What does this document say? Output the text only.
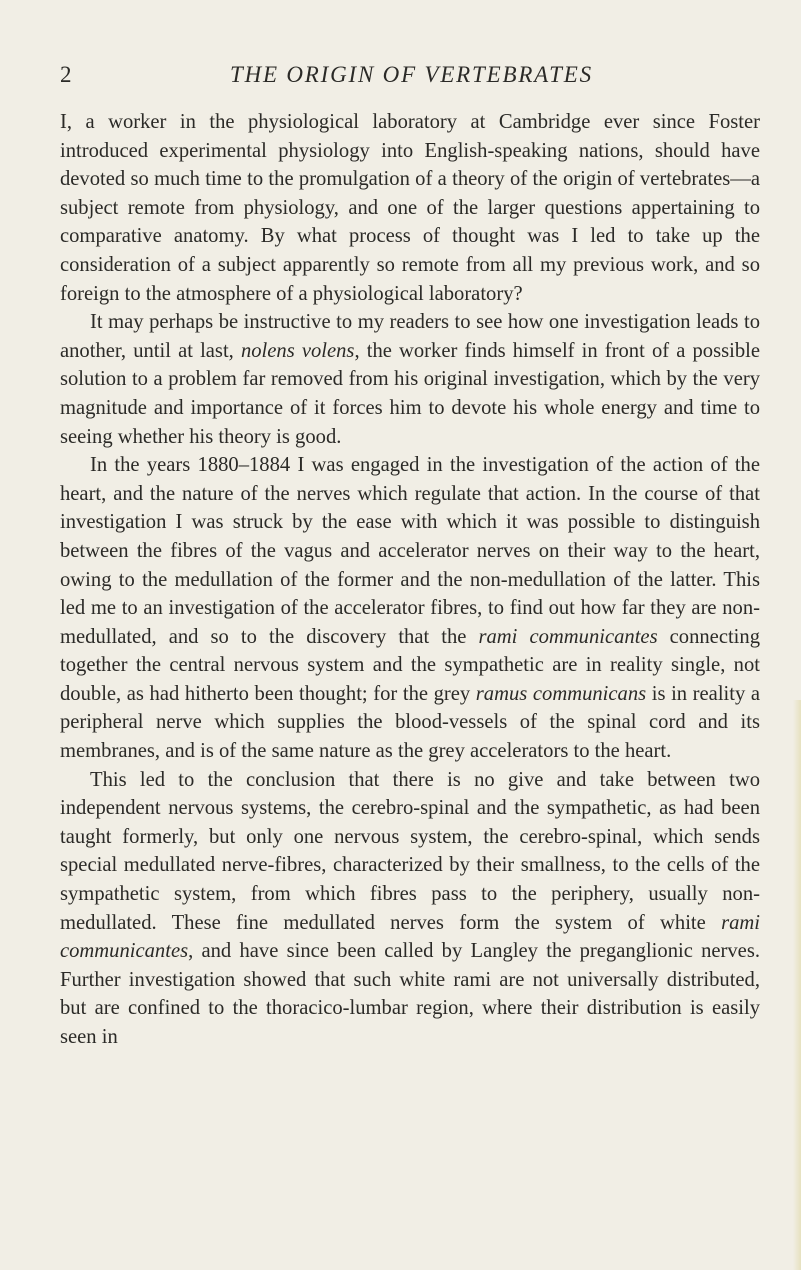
2	THE ORIGIN OF VERTEBRATES

I, a worker in the physiological laboratory at Cambridge ever since Foster introduced experimental physiology into English-speaking nations, should have devoted so much time to the promulgation of a theory of the origin of vertebrates—a subject remote from physiology, and one of the larger questions appertaining to comparative anatomy. By what process of thought was I led to take up the consideration of a subject apparently so remote from all my previous work, and so foreign to the atmosphere of a physiological laboratory?

It may perhaps be instructive to my readers to see how one investigation leads to another, until at last, nolens volens, the worker finds himself in front of a possible solution to a problem far removed from his original investigation, which by the very magnitude and importance of it forces him to devote his whole energy and time to seeing whether his theory is good.

In the years 1880–1884 I was engaged in the investigation of the action of the heart, and the nature of the nerves which regulate that action. In the course of that investigation I was struck by the ease with which it was possible to distinguish between the fibres of the vagus and accelerator nerves on their way to the heart, owing to the medullation of the former and the non-medullation of the latter. This led me to an investigation of the accelerator fibres, to find out how far they are non-medullated, and so to the discovery that the rami communicantes connecting together the central nervous system and the sympathetic are in reality single, not double, as had hitherto been thought; for the grey ramus communicans is in reality a peripheral nerve which supplies the blood-vessels of the spinal cord and its membranes, and is of the same nature as the grey accelerators to the heart.

This led to the conclusion that there is no give and take between two independent nervous systems, the cerebro-spinal and the sympathetic, as had been taught formerly, but only one nervous system, the cerebro-spinal, which sends special medullated nerve-fibres, characterized by their smallness, to the cells of the sympathetic system, from which fibres pass to the periphery, usually non-medullated. These fine medullated nerves form the system of white rami communicantes, and have since been called by Langley the preganglionic nerves. Further investigation showed that such white rami are not universally distributed, but are confined to the thoracico-lumbar region, where their distribution is easily seen in
